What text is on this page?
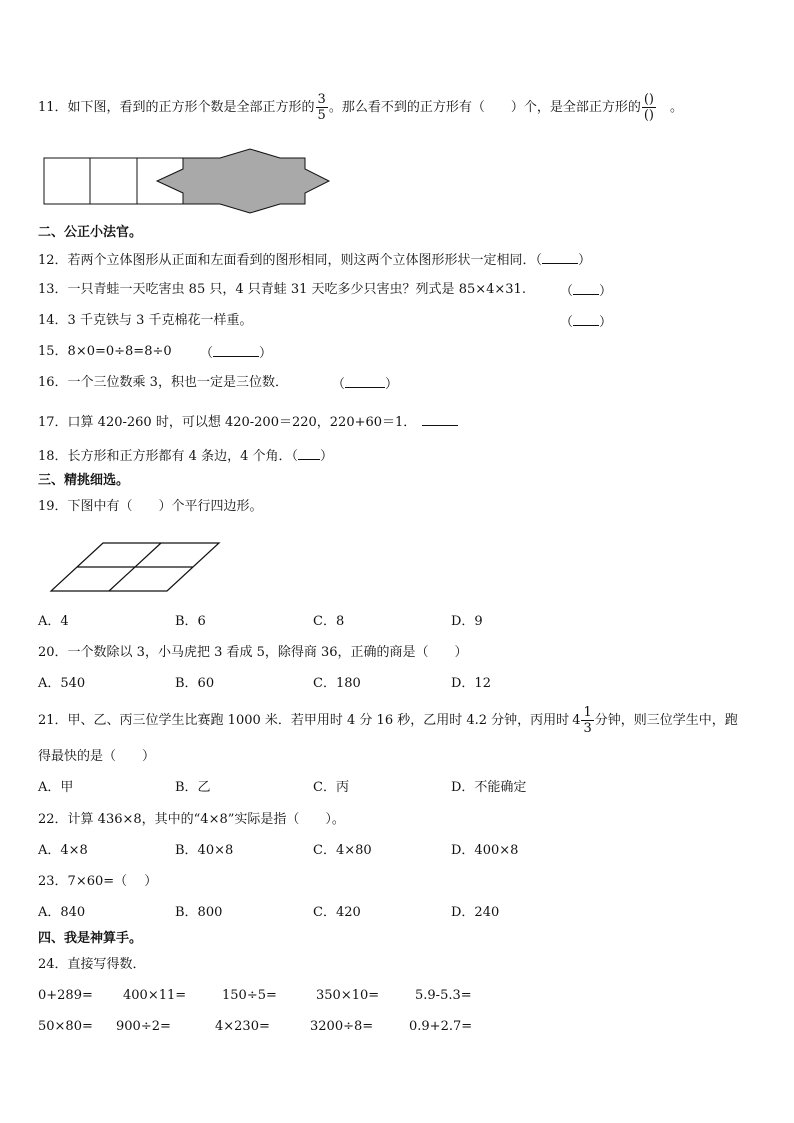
11．如下图，看到的正方形个数是全部正方形的 $\frac{3}{5}$ 。那么看不到的正方形有（　　）个，是全部正方形的 $\frac{()}{()}$ 　。
二、公正小法官。
12．若两个立体图形从正面和左面看到的图形相同，则这两个立体图形形状一定相同．（	）
13．一只青蛙一天吃害虫 85 只，4 只青蛙 31 天吃多少只害虫？列式是 85×4×31.	（ ）
14．3 千克铁与 3 千克棉花一样重。	（ ）
15．8×0=0÷8=8÷0 （	）
16．一个三位数乘 3，积也一定是三位数．	（	）
17．口算 420-260 时，可以想 420-200＝220，220+60＝1．
18．长方形和正方形都有 4 条边，4 个角．（ ）
三、精挑细选。
19．下图中有（　　）个平行四边形。
A．4	B．6	C．8	D．9
20．一个数除以 3，小马虎把 3 看成 5，除得商 36，正确的商是（　　）
A．540	B．60	C．180	D．12
21．甲、乙、丙三位学生比赛跑 1000 米．若甲用时 4 分 16 秒，乙用时 4.2 分钟，丙用时 $4 \frac{1}{3}$ 分钟，则三位学生中，跑
得最快的是（　　）
A．甲	B．乙	C．丙	D．不能确定
22．计算 436×8，其中的“4×8”实际是指（　　）。
A．4×8	B．40×8	C．4×80	D．400×8
23．7×60=（　 ）
A．840	B．800	C．420	D．240
四、我是神算手。
24．直接写得数．
0+289= 400×11=	150÷5=	350×10=	5.9-5.3=
50×80= 900÷2=	4×230=	3200÷8=	0.9+2.7=
